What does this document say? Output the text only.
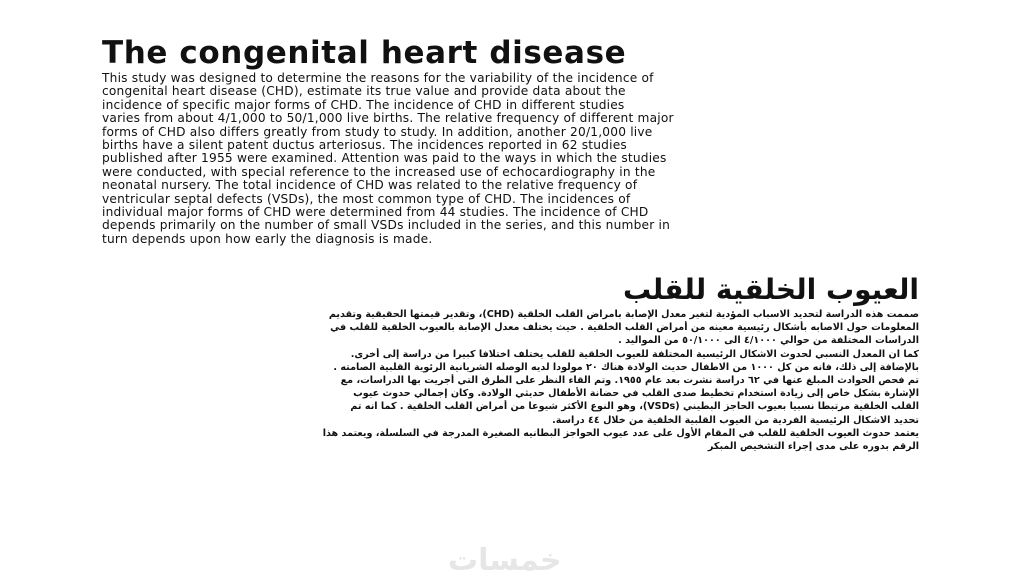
The congenital heart disease
This study was designed to determine the reasons for the variability of the incidence of
congenital heart disease (CHD), estimate its true value and provide data about the
incidence of specific major forms of CHD. The incidence of CHD in different studies
varies from about 4/1,000 to 50/1,000 live births. The relative frequency of different major
forms of CHD also differs greatly from study to study. In addition, another 20/1,000 live
births have a silent patent ductus arteriosus. The incidences reported in 62 studies
published after 1955 were examined. Attention was paid to the ways in which the studies
were conducted, with special reference to the increased use of echocardiography in the
neonatal nursery. The total incidence of CHD was related to the relative frequency of
ventricular septal defects (VSDs), the most common type of CHD. The incidences of
individual major forms of CHD were determined from 44 studies. The incidence of CHD
depends primarily on the number of small VSDs included in the series, and this number in
turn depends upon how early the diagnosis is made.
العيوب الخلقية للقلب
صممت هذه الدراسة لتحديد الاسباب المؤدية لتغير معدل الإصابة بامراض القلب الخلقية (CHD)، وتقدير قيمتها الحقيقية وتقديم
المعلومات حول الاصابه بأشكال رئيسية معينه من أمراض القلب الخلقية . حيث يختلف معدل الإصابة بالعيوب الخلقية للقلب في
الدراسات المختلفة من حوالي ٤/١٠٠٠ الى ٥٠/١٠٠٠ من المواليد .
كما ان المعدل النسبي لحدوث الاشكال الرئيسية المختلفة للعيوب الخلقية للقلب يختلف اختلافا كبيرا من دراسة إلى أخرى.
بالإضافة إلى ذلك، فانه من كل ١٠٠٠ من الاطفال حديث الولادة هناك ٢٠ مولودا لديه الوصله الشريانية الرئوية القلبية الصامته .
تم فحص الحوادث المبلغ عنها في ٦٢ دراسة نشرت بعد عام ١٩٥٥. وتم القاء النظر على الطرق التي أجريت بها الدراسات، مع
الإشارة بشكل خاص إلى زيادة استخدام تخطيط صدى القلب في حضانة الأطفال حديثي الولادة. وكان إجمالي حدوث عيوب
القلب الخلقية مرتبطا نسبيا بعيوب الحاجز البطيني (VSDs)، وهو النوع الأكثر شيوعا من أمراض القلب الخلقية . كما انه تم
تحديد الاشكال الرئيسية الفردية من العيوب القلبية الخلقية من خلال ٤٤ دراسة.
يعتمد حدوث العيوب الخلقية للقلب في المقام الأول على عدد عيوب الحواجز البطانيه الصغيرة المدرجة في السلسلة، ويعتمد هذا
الرقم بدوره على مدى إجراء التشخيص المبكر
خمسات
